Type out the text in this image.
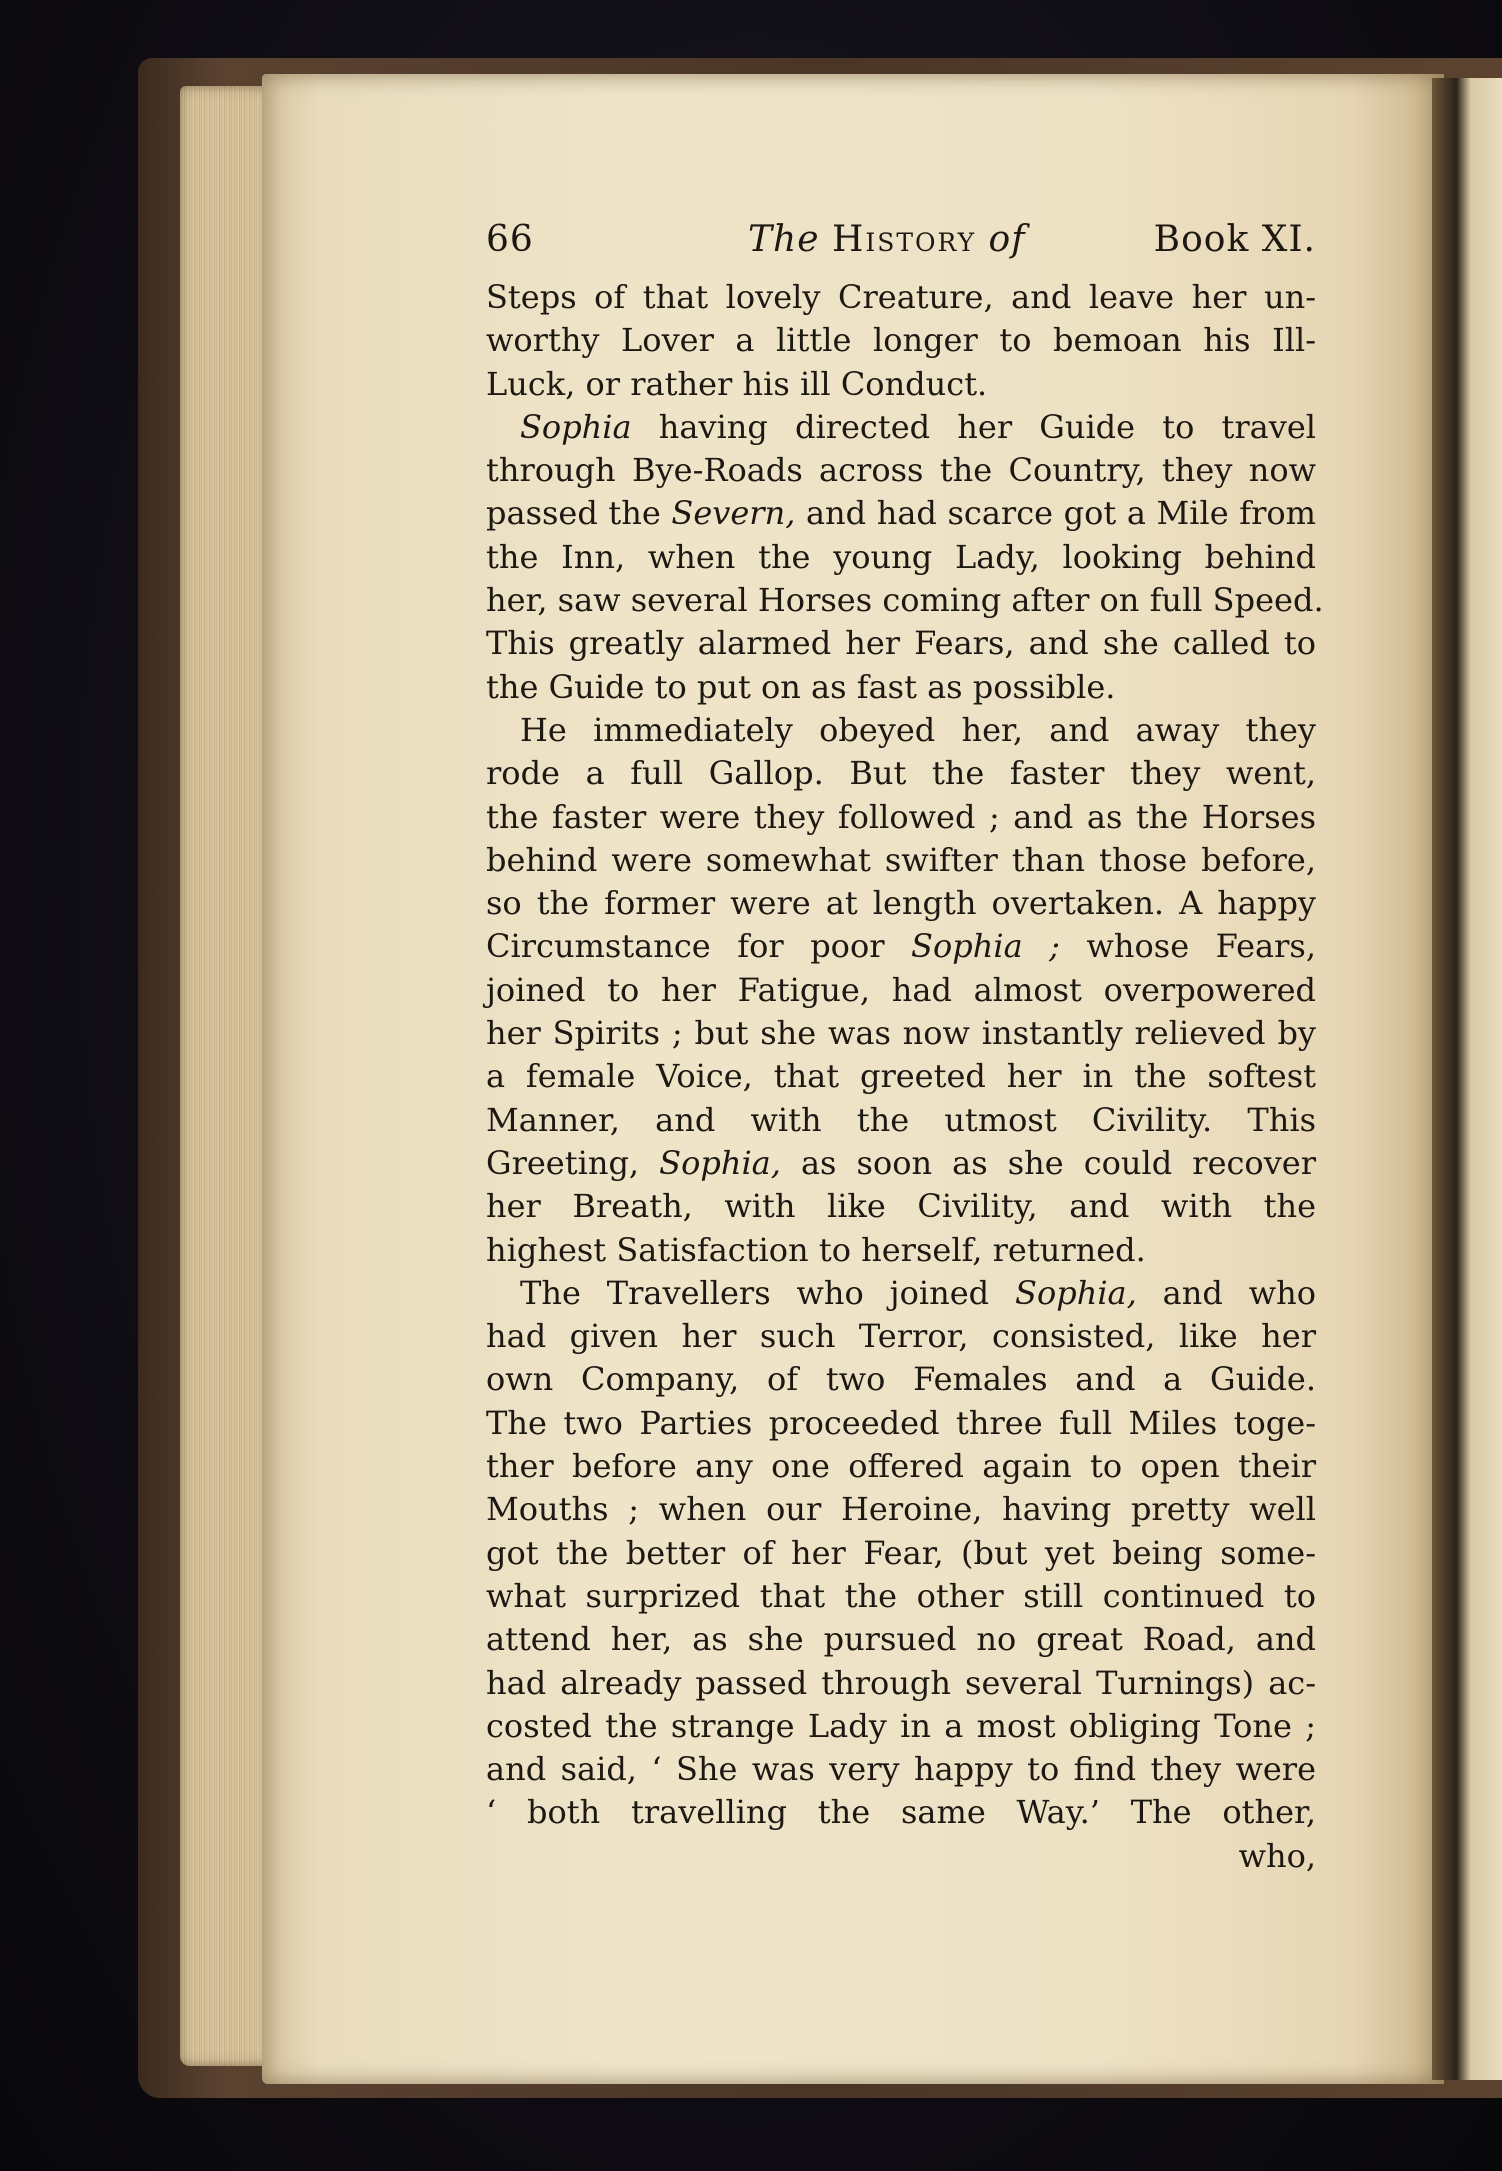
66	The History of	Book XI.
Steps of that lovely Creature, and leave her un-
worthy Lover a little longer to bemoan his Ill-
Luck, or rather his ill Conduct.
Sophia having directed her Guide to travel
through Bye-Roads across the Country, they now
passed the Severn, and had scarce got a Mile from
the Inn, when the young Lady, looking behind
her, saw several Horses coming after on full Speed.
This greatly alarmed her Fears, and she called to
the Guide to put on as fast as possible.
He immediately obeyed her, and away they
rode a full Gallop. But the faster they went,
the faster were they followed ; and as the Horses
behind were somewhat swifter than those before,
so the former were at length overtaken. A happy
Circumstance for poor Sophia ; whose Fears,
joined to her Fatigue, had almost overpowered
her Spirits ; but she was now instantly relieved by
a female Voice, that greeted her in the softest
Manner, and with the utmost Civility. This
Greeting, Sophia, as soon as she could recover
her Breath, with like Civility, and with the
highest Satisfaction to herself, returned.
The Travellers who joined Sophia, and who
had given her such Terror, consisted, like her
own Company, of two Females and a Guide.
The two Parties proceeded three full Miles toge-
ther before any one offered again to open their
Mouths ; when our Heroine, having pretty well
got the better of her Fear, (but yet being some-
what surprized that the other still continued to
attend her, as she pursued no great Road, and
had already passed through several Turnings) ac-
costed the strange Lady in a most obliging Tone ;
and said, ‘ She was very happy to find they were
‘ both travelling the same Way.’ The other,
who,
